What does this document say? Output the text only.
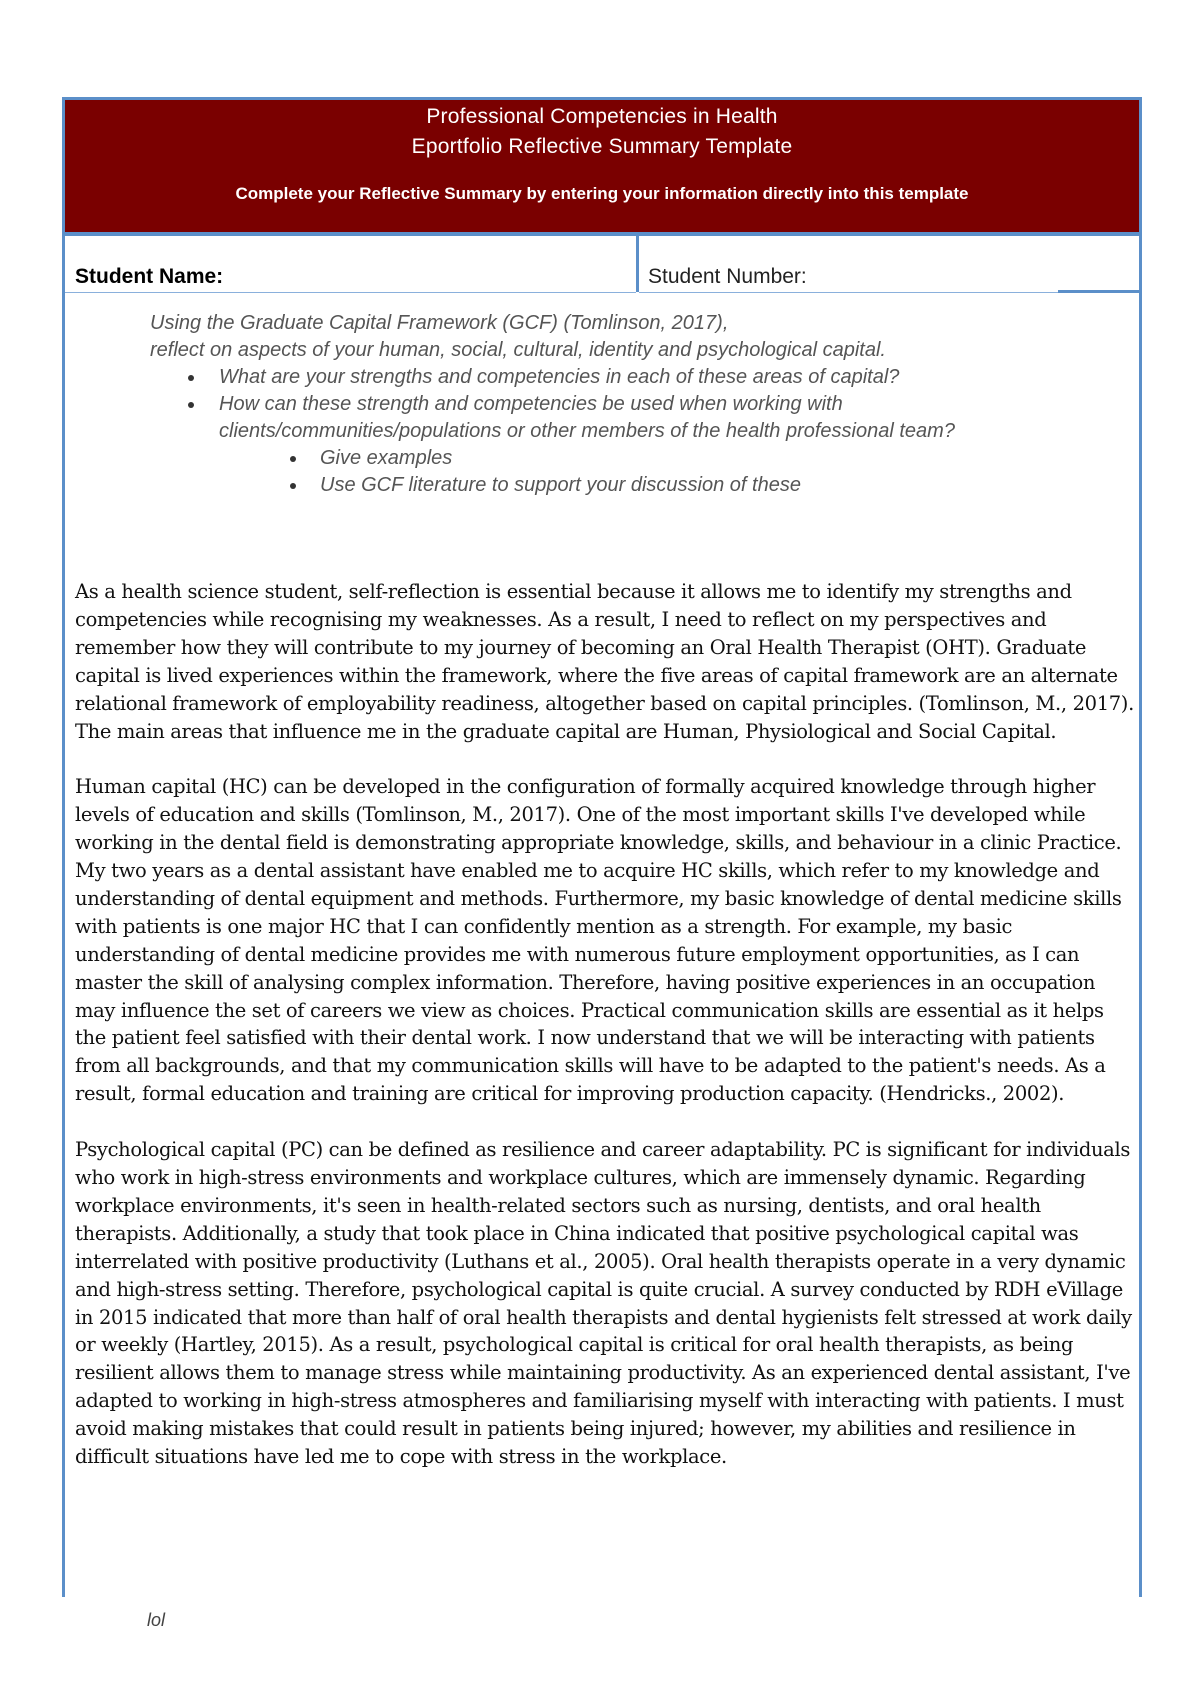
Professional Competencies in Health
Eportfolio Reflective Summary Template
Complete your Reflective Summary by entering your information directly into this template
Student Name:	Student Number:
Using the Graduate Capital Framework (GCF) (Tomlinson, 2017),
reflect on aspects of your human, social, cultural, identity and psychological capital.
What are your strengths and competencies in each of these areas of capital?
How can these strength and competencies be used when working with
clients/communities/populations or other members of the health professional team?
Give examples
Use GCF literature to support your discussion of these

As a health science student, self-reflection is essential because it allows me to identify my strengths and competencies while recognising my weaknesses. As a result, I need to reflect on my perspectives and remember how they will contribute to my journey of becoming an Oral Health Therapist (OHT). Graduate capital is lived experiences within the framework, where the five areas of capital framework are an alternate relational framework of employability readiness, altogether based on capital principles. (Tomlinson, M., 2017). The main areas that influence me in the graduate capital are Human, Physiological and Social Capital.

Human capital (HC) can be developed in the configuration of formally acquired knowledge through higher levels of education and skills (Tomlinson, M., 2017). One of the most important skills I've developed while working in the dental field is demonstrating appropriate knowledge, skills, and behaviour in a clinic Practice. My two years as a dental assistant have enabled me to acquire HC skills, which refer to my knowledge and understanding of dental equipment and methods. Furthermore, my basic knowledge of dental medicine skills with patients is one major HC that I can confidently mention as a strength. For example, my basic understanding of dental medicine provides me with numerous future employment opportunities, as I can master the skill of analysing complex information. Therefore, having positive experiences in an occupation may influence the set of careers we view as choices. Practical communication skills are essential as it helps the patient feel satisfied with their dental work. I now understand that we will be interacting with patients from all backgrounds, and that my communication skills will have to be adapted to the patient's needs. As a result, formal education and training are critical for improving production capacity. (Hendricks., 2002).

Psychological capital (PC) can be defined as resilience and career adaptability. PC is significant for individuals who work in high-stress environments and workplace cultures, which are immensely dynamic. Regarding workplace environments, it's seen in health-related sectors such as nursing, dentists, and oral health therapists. Additionally, a study that took place in China indicated that positive psychological capital was interrelated with positive productivity (Luthans et al., 2005). Oral health therapists operate in a very dynamic and high-stress setting. Therefore, psychological capital is quite crucial. A survey conducted by RDH eVillage in 2015 indicated that more than half of oral health therapists and dental hygienists felt stressed at work daily or weekly (Hartley, 2015). As a result, psychological capital is critical for oral health therapists, as being resilient allows them to manage stress while maintaining productivity. As an experienced dental assistant, I've adapted to working in high-stress atmospheres and familiarising myself with interacting with patients. I must avoid making mistakes that could result in patients being injured; however, my abilities and resilience in difficult situations have led me to cope with stress in the workplace.

lol
